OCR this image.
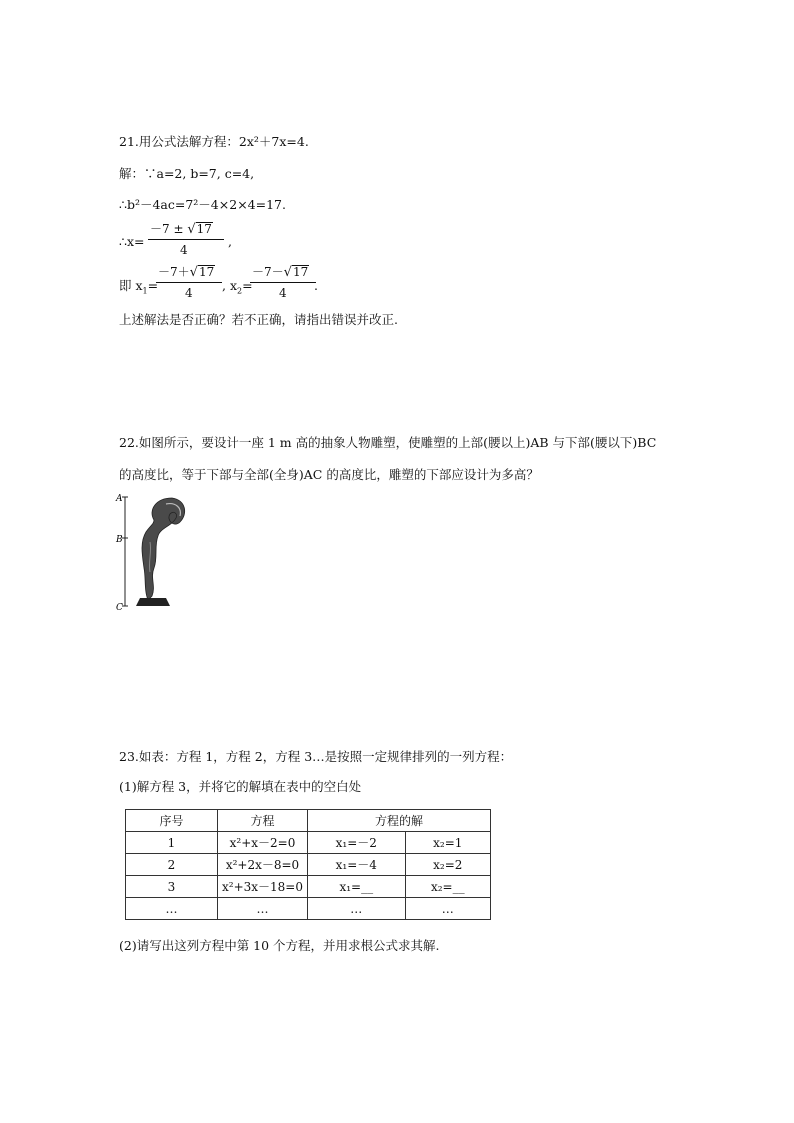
21.用公式法解方程：2x²＋7x=4.
解：∵a=2, b=7, c=4,
∴b²－4ac=7²－4×2×4=17.
∴x=
－7 ± √17
4
,
即 $x_1=$
－7＋√17
4 , $x_2=$
－7－√17
4 .
上述解法是否正确？若不正确，请指出错误并改正.
22.如图所示，要设计一座 1 m 高的抽象人物雕塑，使雕塑的上部(腰以上)AB 与下部(腰以下)BC
的高度比，等于下部与全部(全身)AC 的高度比，雕塑的下部应设计为多高？
A
B
C
23.如表：方程 1，方程 2，方程 3…是按照一定规律排列的一列方程：
(1)解方程 3，并将它的解填在表中的空白处
序号	方程	方程的解	
1	x²+x－2=0	x₁=－2	x₂=1
2	x²+2x－8=0	x₁=－4	x₂=2
3	x²+3x－18=0	x₁=__	x₂=__
…	…	…	…
(2)请写出这列方程中第 10 个方程，并用求根公式求其解.
